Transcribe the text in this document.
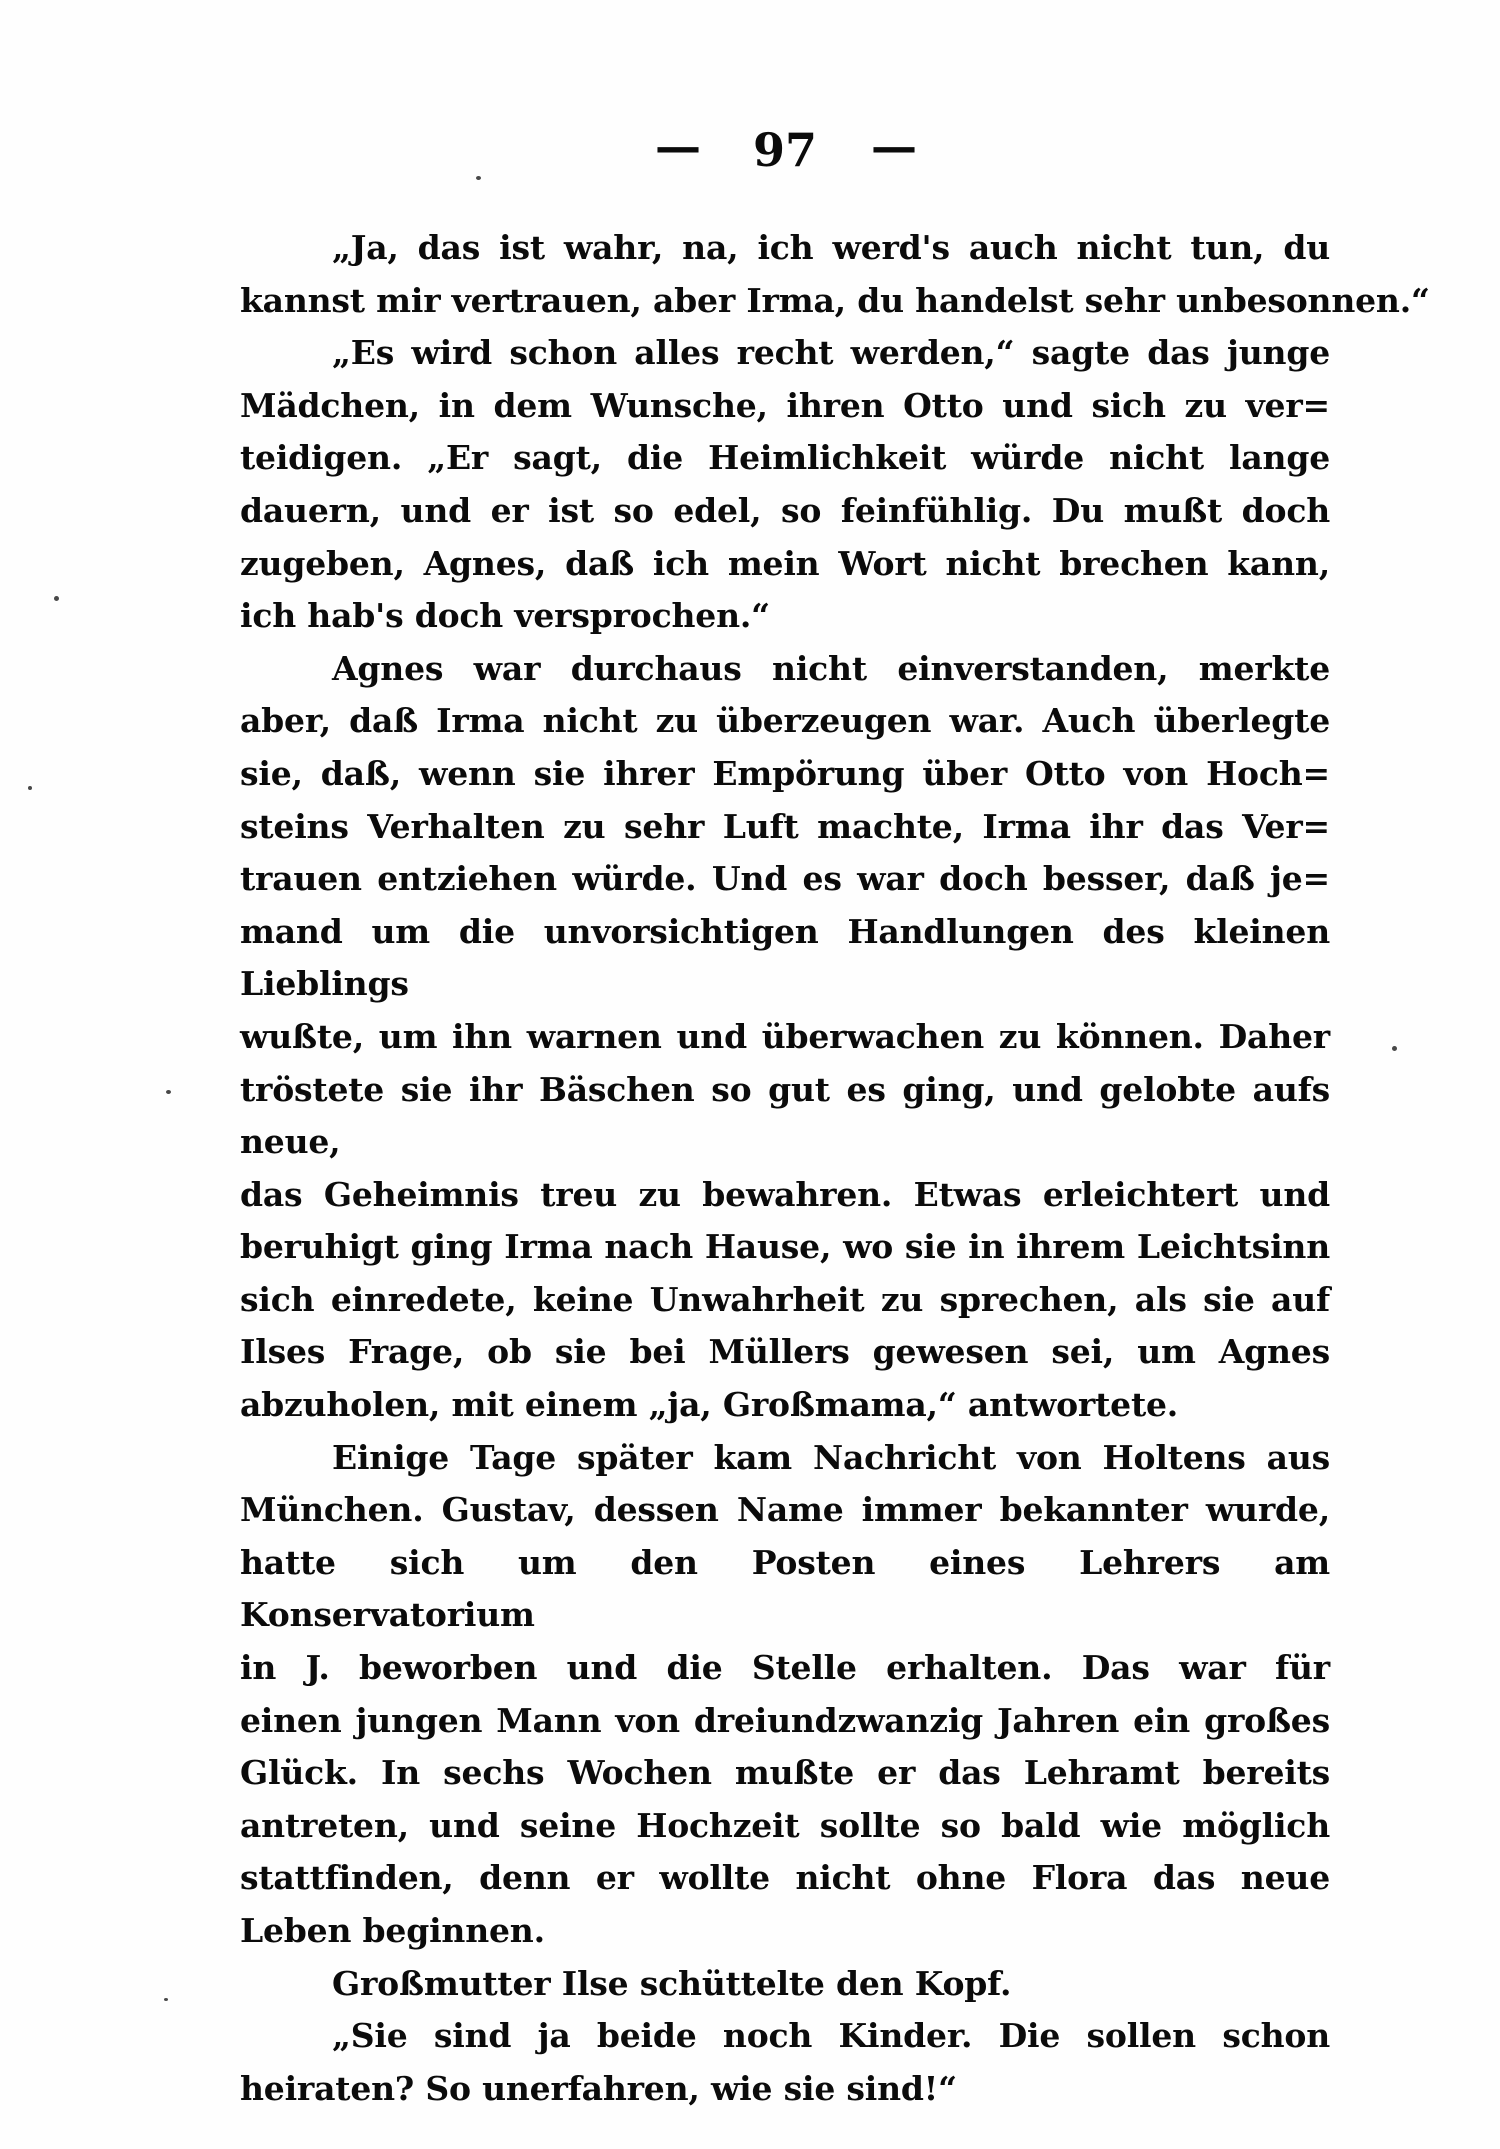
— 97 —
„Ja, das ist wahr, na, ich werd's auch nicht tun, du
kannst mir vertrauen, aber Irma, du handelst sehr unbesonnen.“
„Es wird schon alles recht werden,“ sagte das junge
Mädchen, in dem Wunsche, ihren Otto und sich zu ver=
teidigen. „Er sagt, die Heimlichkeit würde nicht lange
dauern, und er ist so edel, so feinfühlig. Du mußt doch
zugeben, Agnes, daß ich mein Wort nicht brechen kann,
ich hab's doch versprochen.“
Agnes war durchaus nicht einverstanden, merkte
aber, daß Irma nicht zu überzeugen war. Auch überlegte
sie, daß, wenn sie ihrer Empörung über Otto von Hoch=
steins Verhalten zu sehr Luft machte, Irma ihr das Ver=
trauen entziehen würde. Und es war doch besser, daß je=
mand um die unvorsichtigen Handlungen des kleinen Lieblings
wußte, um ihn warnen und überwachen zu können. Daher
tröstete sie ihr Bäschen so gut es ging, und gelobte aufs neue,
das Geheimnis treu zu bewahren. Etwas erleichtert und
beruhigt ging Irma nach Hause, wo sie in ihrem Leichtsinn
sich einredete, keine Unwahrheit zu sprechen, als sie auf
Ilses Frage, ob sie bei Müllers gewesen sei, um Agnes
abzuholen, mit einem „ja, Großmama,“ antwortete.
Einige Tage später kam Nachricht von Holtens aus
München. Gustav, dessen Name immer bekannter wurde,
hatte sich um den Posten eines Lehrers am Konservatorium
in J. beworben und die Stelle erhalten. Das war für
einen jungen Mann von dreiundzwanzig Jahren ein großes
Glück. In sechs Wochen mußte er das Lehramt bereits
antreten, und seine Hochzeit sollte so bald wie möglich
stattfinden, denn er wollte nicht ohne Flora das neue
Leben beginnen.
Großmutter Ilse schüttelte den Kopf.
„Sie sind ja beide noch Kinder. Die sollen schon
heiraten? So unerfahren, wie sie sind!“
